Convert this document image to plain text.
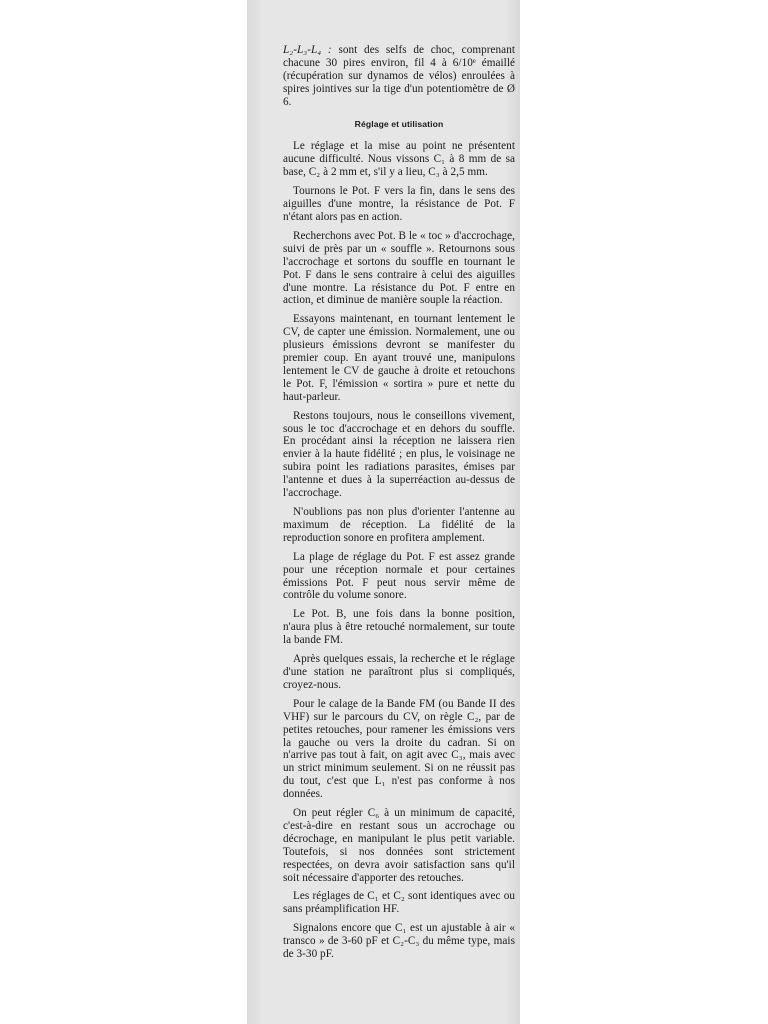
L₂-L₃-L₄ : sont des selfs de choc, comprenant chacune 30 pires environ, fil 4 à 6/10ᵉ émaillé (récupération sur dynamos de vélos) enroulées à spires jointives sur la tige d'un potentiomètre de Ø 6.

Réglage et utilisation

Le réglage et la mise au point ne présentent aucune difficulté. Nous vissons C₁ à 8 mm de sa base, C₂ à 2 mm et, s'il y a lieu, C₃ à 2,5 mm.

Tournons le Pot. F vers la fin, dans le sens des aiguilles d'une montre, la résistance de Pot. F n'étant alors pas en action.

Recherchons avec Pot. B le « toc » d'accrochage, suivi de près par un « souffle ». Retournons sous l'accrochage et sortons du souffle en tournant le Pot. F dans le sens contraire à celui des aiguilles d'une montre. La résistance du Pot. F entre en action, et diminue de manière souple la réaction.

Essayons maintenant, en tournant lentement le CV, de capter une émission. Normalement, une ou plusieurs émissions devront se manifester du premier coup. En ayant trouvé une, manipulons lentement le CV de gauche à droite et retouchons le Pot. F, l'émission « sortira » pure et nette du haut-parleur.

Restons toujours, nous le conseillons vivement, sous le toc d'accrochage et en dehors du souffle. En procédant ainsi la réception ne laissera rien envier à la haute fidélité ; en plus, le voisinage ne subira point les radiations parasites, émises par l'antenne et dues à la superréaction au-dessus de l'accrochage.

N'oublions pas non plus d'orienter l'antenne au maximum de réception. La fidélité de la reproduction sonore en profitera amplement.

La plage de réglage du Pot. F est assez grande pour une réception normale et pour certaines émissions Pot. F peut nous servir même de contrôle du volume sonore.

Le Pot. B, une fois dans la bonne position, n'aura plus à être retouché normalement, sur toute la bande FM.

Après quelques essais, la recherche et le réglage d'une station ne paraîtront plus si compliqués, croyez-nous.

Pour le calage de la Bande FM (ou Bande II des VHF) sur le parcours du CV, on règle C₂, par de petites retouches, pour ramener les émissions vers la gauche ou vers la droite du cadran. Si on n'arrive pas tout à fait, on agit avec C₃, mais avec un strict minimum seulement. Si on ne réussit pas du tout, c'est que L₁ n'est pas conforme à nos données.

On peut régler C₆ à un minimum de capacité, c'est-à-dire en restant sous un accrochage ou décrochage, en manipulant le plus petit variable. Toutefois, si nos données sont strictement respectées, on devra avoir satisfaction sans qu'il soit nécessaire d'apporter des retouches.

Les réglages de C₁ et C₂ sont identiques avec ou sans préamplification HF.

Signalons encore que C₁ est un ajustable à air « transco » de 3-60 pF et C₂-C₃ du même type, mais de 3-30 pF.
